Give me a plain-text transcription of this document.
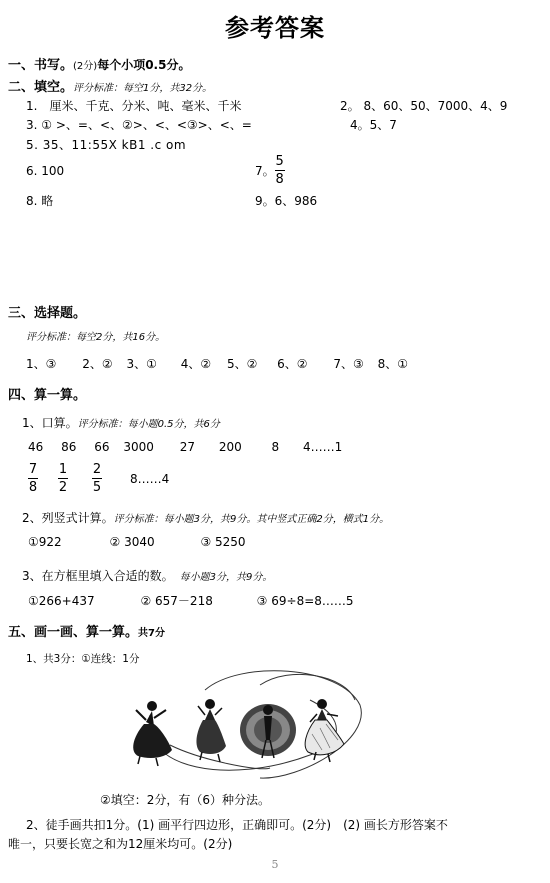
参考答案
一、书写。(2分)每个小项0.5分。
二、填空。评分标准：每空1分，共32分。
1.　厘米、千克、分米、吨、毫米、千米	2。 8、60、50、7000、4、9
3. ① >、=、<、②>、<、<③>、<、=	4。5、7
5. 35、11:55X kB1 .c om
6. 100	7。 $\frac{5}{8}$
8. 略	9。6、986
三、选择题。
评分标准：每空2分，共16分。
1、③ 2、② 3、① 4、② 5、② 6、② 7、③ 8、①
四、算一算。
1、口算。评分标准：每小题0.5分，共6分
46 86 66 3000 27 200 8 4……1
$\frac{7}{8} \frac{1}{2} \frac{2}{5}$ 8……4
2、列竖式计算。评分标准：每小题3分，共9分。其中竖式正确2分，横式1分。
①922	② 3040	③ 5250
3、在方框里填入合适的数。 每小题3分，共9分。
①266+437	② 657－218	③ 69÷8=8……5
五、画一画、算一算。共7分
1、共3分：①连线：1分
②填空：2分，有（6）种分法。
2、徒手画共扣1分。(1) 画平行四边形，正确即可。(2分)　(2) 画长方形答案不
唯一，只要长宽之和为12厘米均可。(2分)
5
